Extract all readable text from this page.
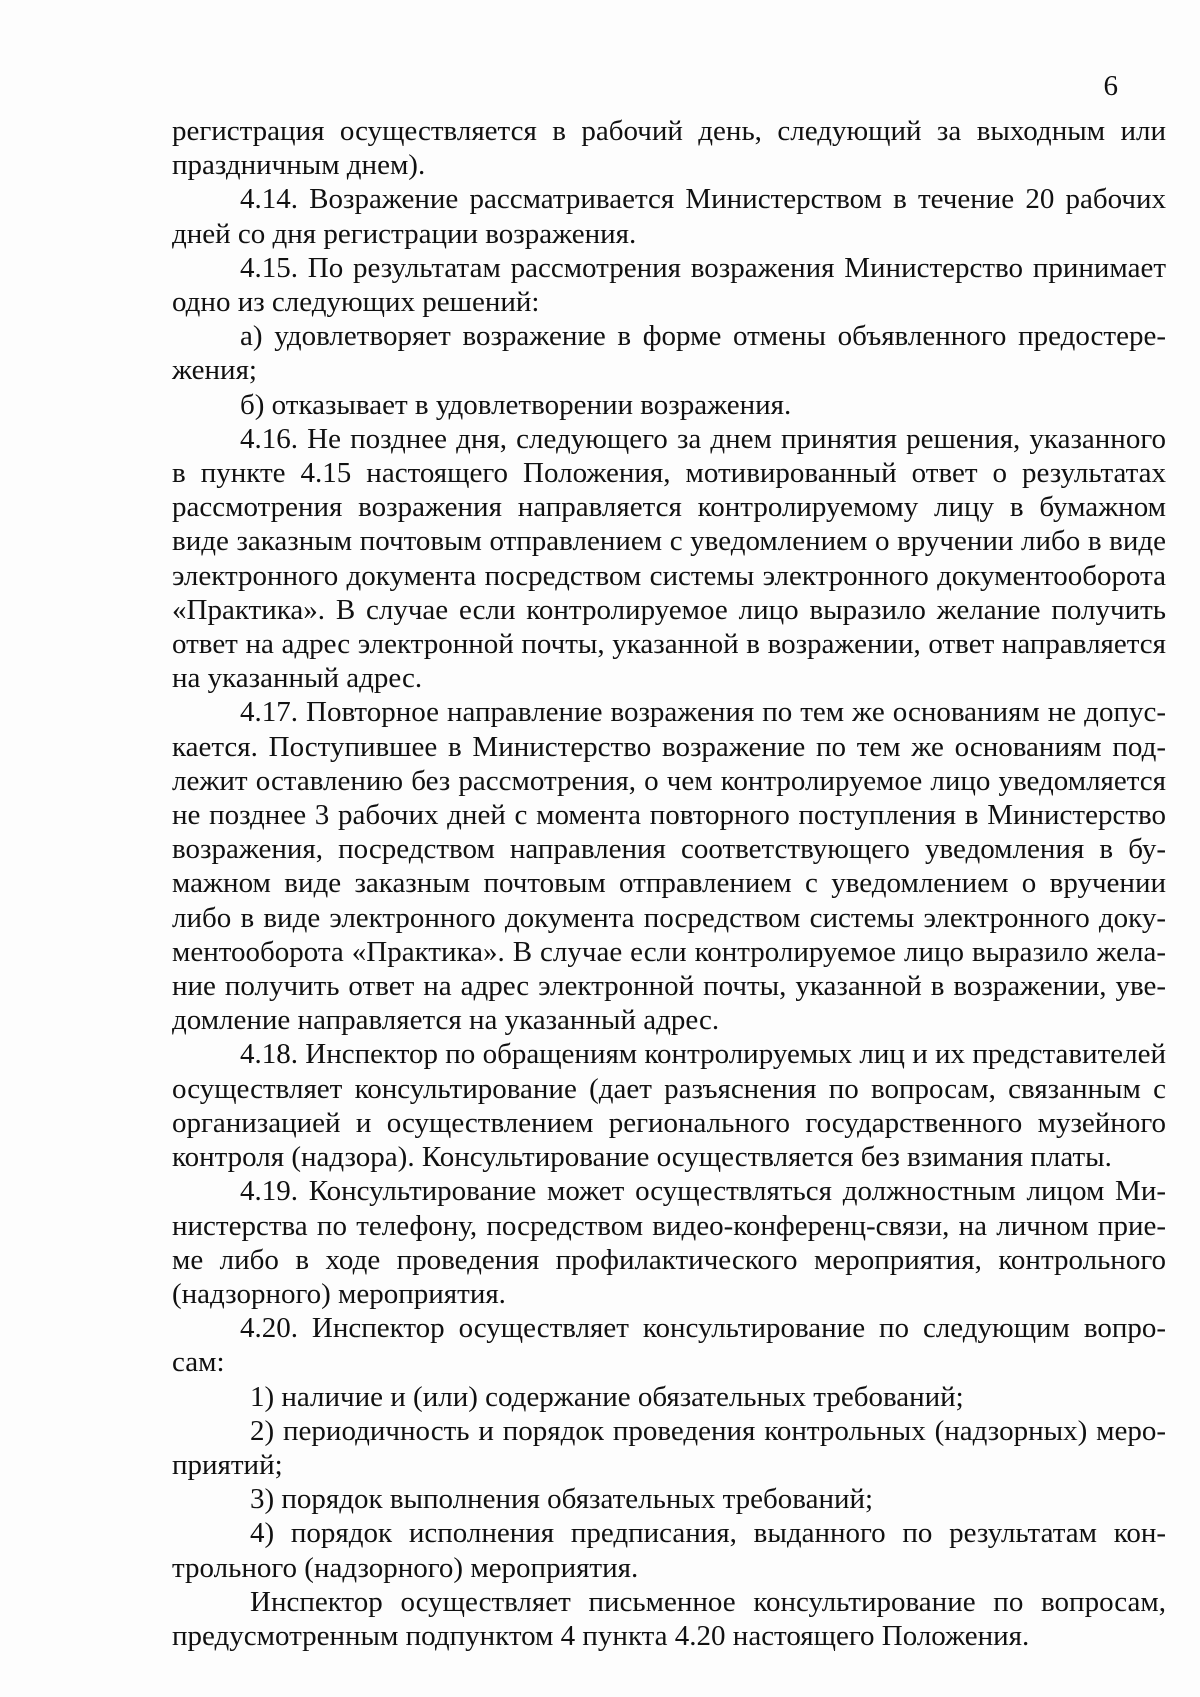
6

регистрация осуществляется в рабочий день, следующий за выходным или праздничным днем).

4.14. Возражение рассматривается Министерством в течение 20 рабочих дней со дня регистрации возражения.

4.15. По результатам рассмотрения возражения Министерство принимает одно из следующих решений:

а) удовлетворяет возражение в форме отмены объявленного предостере-жения;

б) отказывает в удовлетворении возражения.

4.16. Не позднее дня, следующего за днем принятия решения, указанного в пункте 4.15 настоящего Положения, мотивированный ответ о результатах рассмотрения возражения направляется контролируемому лицу в бумажном виде заказным почтовым отправлением с уведомлением о вручении либо в виде электронного документа посредством системы электронного документооборота «Практика». В случае если контролируемое лицо выразило желание получить ответ на адрес электронной почты, указанной в возражении, ответ направляется на указанный адрес.

4.17. Повторное направление возражения по тем же основаниям не допус-кается. Поступившее в Министерство возражение по тем же основаниям под-лежит оставлению без рассмотрения, о чем контролируемое лицо уведомляется не позднее 3 рабочих дней с момента повторного поступления в Министерство возражения, посредством направления соответствующего уведомления в бу-мажном виде заказным почтовым отправлением с уведомлением о вручении либо в виде электронного документа посредством системы электронного доку-ментооборота «Практика». В случае если контролируемое лицо выразило жела-ние получить ответ на адрес электронной почты, указанной в возражении, уве-домление направляется на указанный адрес.

4.18. Инспектор по обращениям контролируемых лиц и их представителей осуществляет консультирование (дает разъяснения по вопросам, связанным с организацией и осуществлением регионального государственного музейного контроля (надзора). Консультирование осуществляется без взимания платы.

4.19. Консультирование может осуществляться должностным лицом Ми-нистерства по телефону, посредством видео-конференц-связи, на личном прие-ме либо в ходе проведения профилактического мероприятия, контрольного (надзорного) мероприятия.

4.20. Инспектор осуществляет консультирование по следующим вопро-сам:

1) наличие и (или) содержание обязательных требований;

2) периодичность и порядок проведения контрольных (надзорных) меро-приятий;

3) порядок выполнения обязательных требований;

4) порядок исполнения предписания, выданного по результатам кон-трольного (надзорного) мероприятия.

Инспектор осуществляет письменное консультирование по вопросам, предусмотренным подпунктом 4 пункта 4.20 настоящего Положения.
